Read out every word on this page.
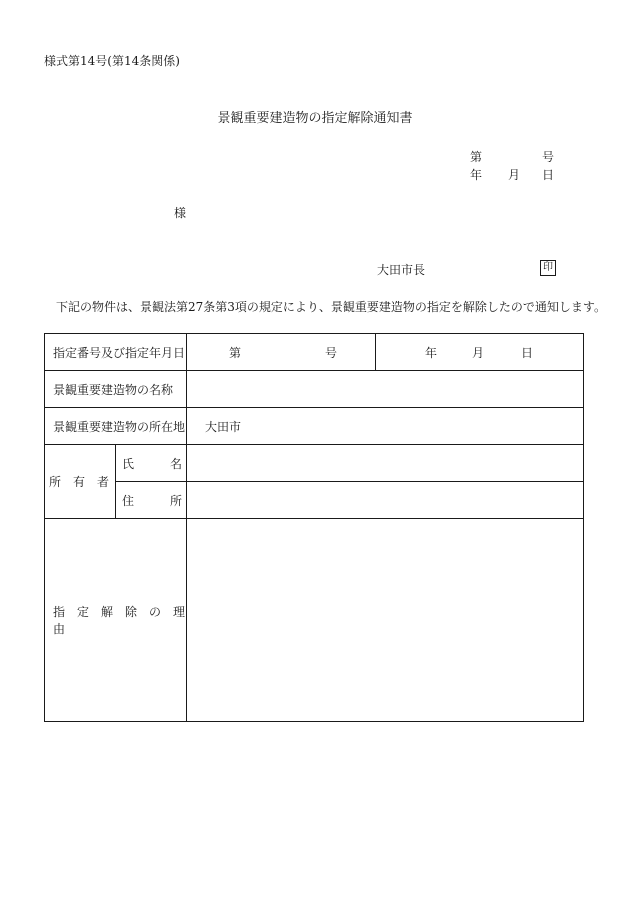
様式第14号(第14条関係)
景観重要建造物の指定解除通知書
第	号
年 月 日
様
大田市長	印
下記の物件は、景観法第27条第3項の規定により、景観重要建造物の指定を解除したので通知します。
指定番号及び指定年月日		第 号	年 月 日

景観重要建造物の名称			
景観重要建造物の所在地		大田市	
所　有　者	氏　　　名		
	住　　　所		
指　定　解　除　の　理　由			
